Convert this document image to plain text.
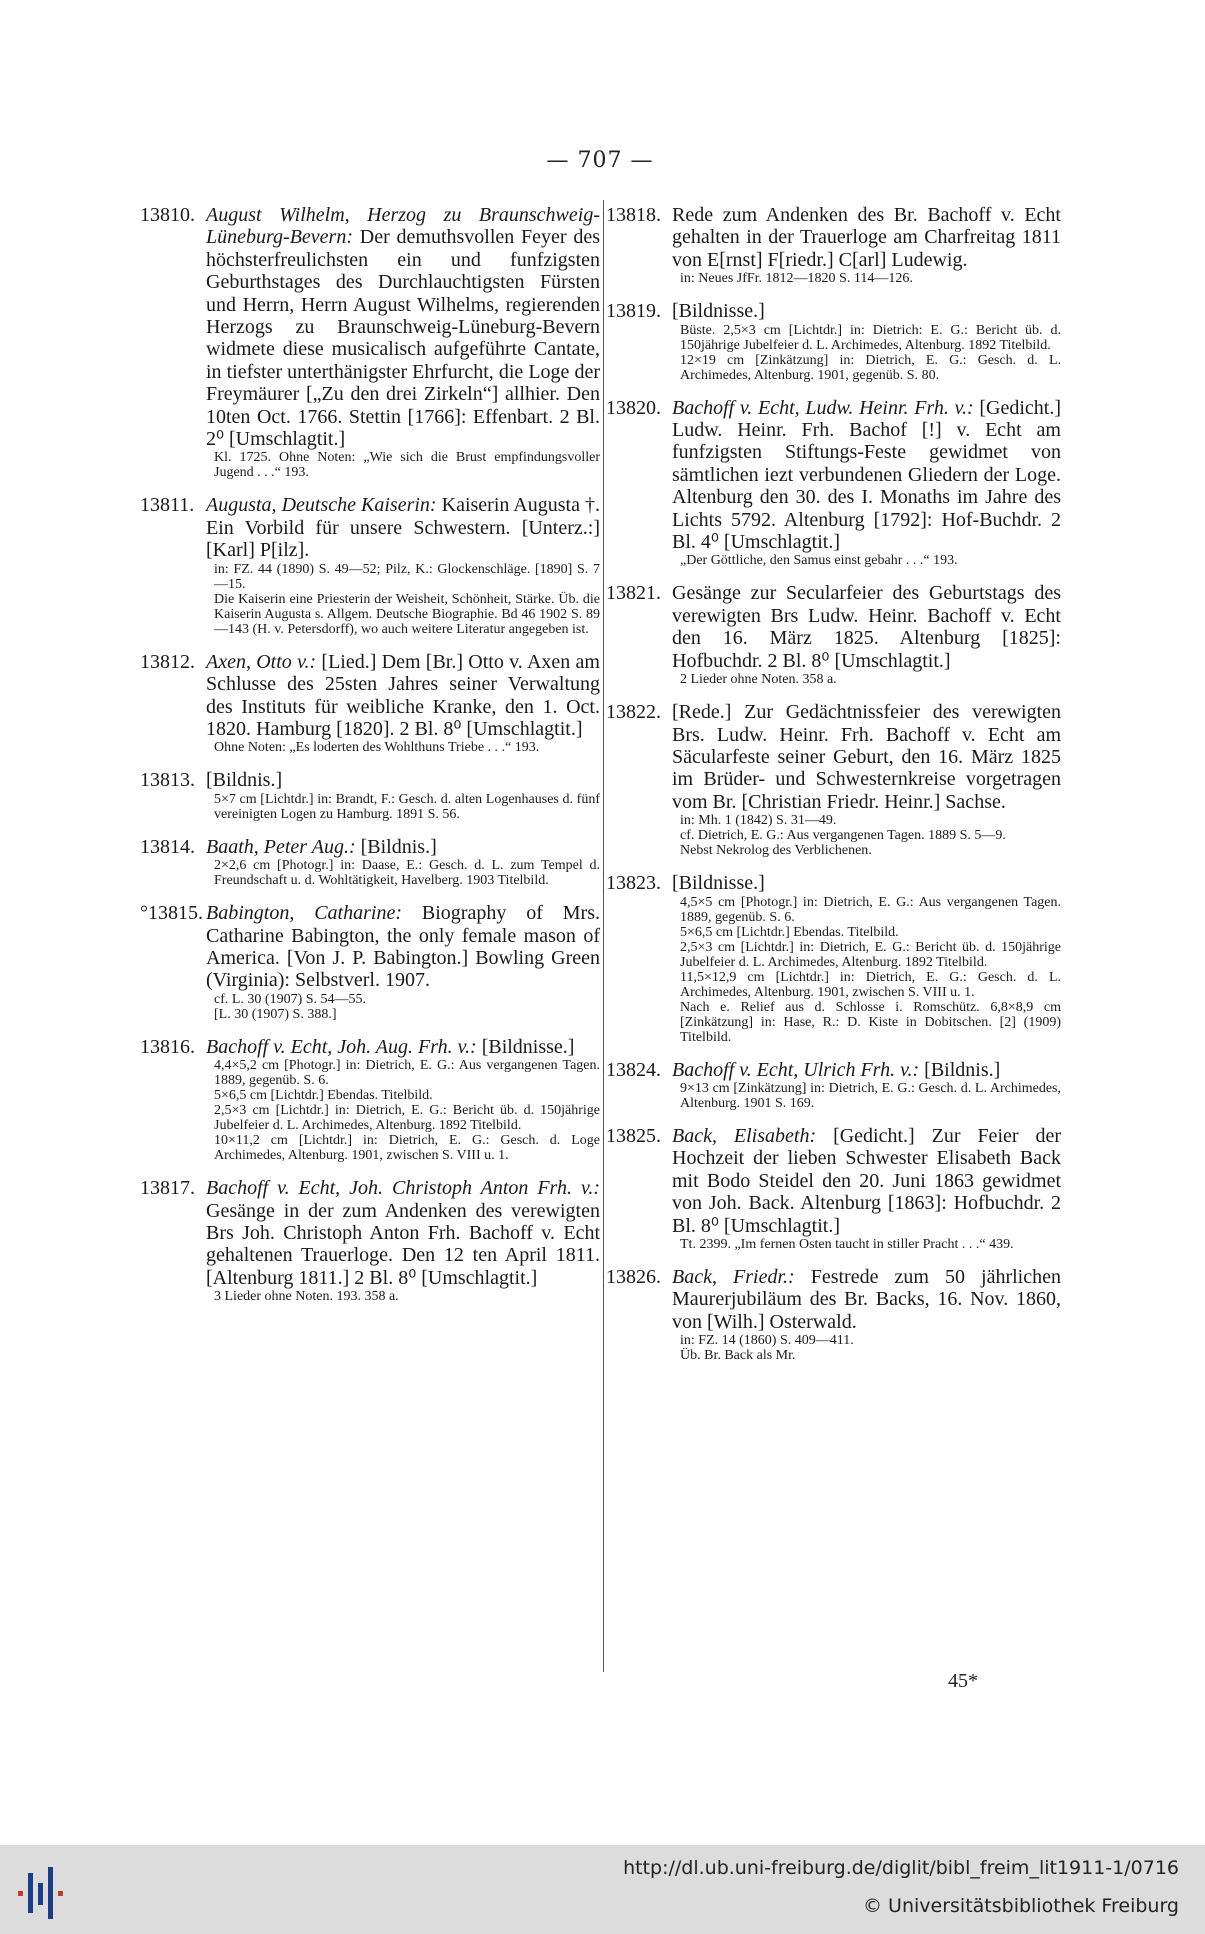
— 707 —
13810. August Wilhelm, Herzog zu Braunschweig-Lüneburg-Bevern: Der demuthsvollen Feyer des höchsterfreulichsten ein und funfzigsten Geburthstages des Durchlauchtigsten Fürsten und Herrn, Herrn August Wilhelms, regierenden Herzogs zu Braunschweig-Lüneburg-Bevern widmete diese musicalisch aufgeführte Cantate, in tiefster unterthänigster Ehrfurcht, die Loge der Freymäurer [„Zu den drei Zirkeln“] allhier. Den 10ten Oct. 1766. Stettin [1766]: Effenbart. 2 Bl. 2⁰ [Umschlagtit.]
Kl. 1725. Ohne Noten: „Wie sich die Brust empfindungsvoller Jugend . . .“ 193.
13811. Augusta, Deutsche Kaiserin: Kaiserin Augusta †. Ein Vorbild für unsere Schwestern. [Unterz.:] [Karl] P[ilz].
in: FZ. 44 (1890) S. 49—52; Pilz, K.: Glockenschläge. [1890] S. 7—15.
Die Kaiserin eine Priesterin der Weisheit, Schönheit, Stärke. Üb. die Kaiserin Augusta s. Allgem. Deutsche Biographie. Bd 46 1902 S. 89—143 (H. v. Petersdorff), wo auch weitere Literatur angegeben ist.
13812. Axen, Otto v.: [Lied.] Dem [Br.] Otto v. Axen am Schlusse des 25sten Jahres seiner Verwaltung des Instituts für weibliche Kranke, den 1. Oct. 1820. Hamburg [1820]. 2 Bl. 8⁰ [Umschlagtit.]
Ohne Noten: „Es loderten des Wohlthuns Triebe . . .“ 193.
13813. [Bildnis.]
5×7 cm [Lichtdr.] in: Brandt, F.: Gesch. d. alten Logenhauses d. fünf vereinigten Logen zu Hamburg. 1891 S. 56.
13814. Baath, Peter Aug.: [Bildnis.]
2×2,6 cm [Photogr.] in: Daase, E.: Gesch. d. L. zum Tempel d. Freundschaft u. d. Wohltätigkeit, Havelberg. 1903 Titelbild.
°13815. Babington, Catharine: Biography of Mrs. Catharine Babington, the only female mason of America. [Von J. P. Babington.] Bowling Green (Virginia): Selbstverl. 1907.
cf. L. 30 (1907) S. 54—55.
[L. 30 (1907) S. 388.]
13816. Bachoff v. Echt, Joh. Aug. Frh. v.: [Bildnisse.]
4,4×5,2 cm [Photogr.] in: Dietrich, E. G.: Aus vergangenen Tagen. 1889, gegenüb. S. 6.
5×6,5 cm [Lichtdr.] Ebendas. Titelbild.
2,5×3 cm [Lichtdr.] in: Dietrich, E. G.: Bericht üb. d. 150jährige Jubelfeier d. L. Archimedes, Altenburg. 1892 Titelbild.
10×11,2 cm [Lichtdr.] in: Dietrich, E. G.: Gesch. d. Loge Archimedes, Altenburg. 1901, zwischen S. VIII u. 1.
13817. Bachoff v. Echt, Joh. Christoph Anton Frh. v.: Gesänge in der zum Andenken des verewigten Brs Joh. Christoph Anton Frh. Bachoff v. Echt gehaltenen Trauerloge. Den 12 ten April 1811. [Altenburg 1811.] 2 Bl. 8⁰ [Umschlagtit.]
3 Lieder ohne Noten. 193. 358 a.
13818. Rede zum Andenken des Br. Bachoff v. Echt gehalten in der Trauerloge am Charfreitag 1811 von E[rnst] F[riedr.] C[arl] Ludewig.
in: Neues JfFr. 1812—1820 S. 114—126.
13819. [Bildnisse.]
Büste. 2,5×3 cm [Lichtdr.] in: Dietrich: E. G.: Bericht üb. d. 150jährige Jubelfeier d. L. Archimedes, Altenburg. 1892 Titelbild.
12×19 cm [Zinkätzung] in: Dietrich, E. G.: Gesch. d. L. Archimedes, Altenburg. 1901, gegenüb. S. 80.
13820. Bachoff v. Echt, Ludw. Heinr. Frh. v.: [Gedicht.] Ludw. Heinr. Frh. Bachof [!] v. Echt am funfzigsten Stiftungs-Feste gewidmet von sämtlichen iezt verbundenen Gliedern der Loge. Altenburg den 30. des I. Monaths im Jahre des Lichts 5792. Altenburg [1792]: Hof-Buchdr. 2 Bl. 4⁰ [Umschlagtit.]
„Der Göttliche, den Samus einst gebahr . . .“ 193.
13821. Gesänge zur Secularfeier des Geburtstags des verewigten Brs Ludw. Heinr. Bachoff v. Echt den 16. März 1825. Altenburg [1825]: Hofbuchdr. 2 Bl. 8⁰ [Umschlagtit.]
2 Lieder ohne Noten. 358 a.
13822. [Rede.] Zur Gedächtnissfeier des verewigten Brs. Ludw. Heinr. Frh. Bachoff v. Echt am Säcularfeste seiner Geburt, den 16. März 1825 im Brüder- und Schwesternkreise vorgetragen vom Br. [Christian Friedr. Heinr.] Sachse.
in: Mh. 1 (1842) S. 31—49.
cf. Dietrich, E. G.: Aus vergangenen Tagen. 1889 S. 5—9.
Nebst Nekrolog des Verblichenen.
13823. [Bildnisse.]
4,5×5 cm [Photogr.] in: Dietrich, E. G.: Aus vergangenen Tagen. 1889, gegenüb. S. 6.
5×6,5 cm [Lichtdr.] Ebendas. Titelbild.
2,5×3 cm [Lichtdr.] in: Dietrich, E. G.: Bericht üb. d. 150jährige Jubelfeier d. L. Archimedes, Altenburg. 1892 Titelbild.
11,5×12,9 cm [Lichtdr.] in: Dietrich, E. G.: Gesch. d. L. Archimedes, Altenburg. 1901, zwischen S. VIII u. 1.
Nach e. Relief aus d. Schlosse i. Romschütz. 6,8×8,9 cm [Zinkätzung] in: Hase, R.: D. Kiste in Dobitschen. [2] (1909) Titelbild.
13824. Bachoff v. Echt, Ulrich Frh. v.: [Bildnis.]
9×13 cm [Zinkätzung] in: Dietrich, E. G.: Gesch. d. L. Archimedes, Altenburg. 1901 S. 169.
13825. Back, Elisabeth: [Gedicht.] Zur Feier der Hochzeit der lieben Schwester Elisabeth Back mit Bodo Steidel den 20. Juni 1863 gewidmet von Joh. Back. Altenburg [1863]: Hofbuchdr. 2 Bl. 8⁰ [Umschlagtit.]
Tt. 2399. „Im fernen Osten taucht in stiller Pracht . . .“ 439.
13826. Back, Friedr.: Festrede zum 50 jährlichen Maurerjubiläum des Br. Backs, 16. Nov. 1860, von [Wilh.] Osterwald.
in: FZ. 14 (1860) S. 409—411.
Üb. Br. Back als Mr.
45*
http://dl.ub.uni-freiburg.de/diglit/bibl_freim_lit1911-1/0716
© Universitätsbibliothek Freiburg
